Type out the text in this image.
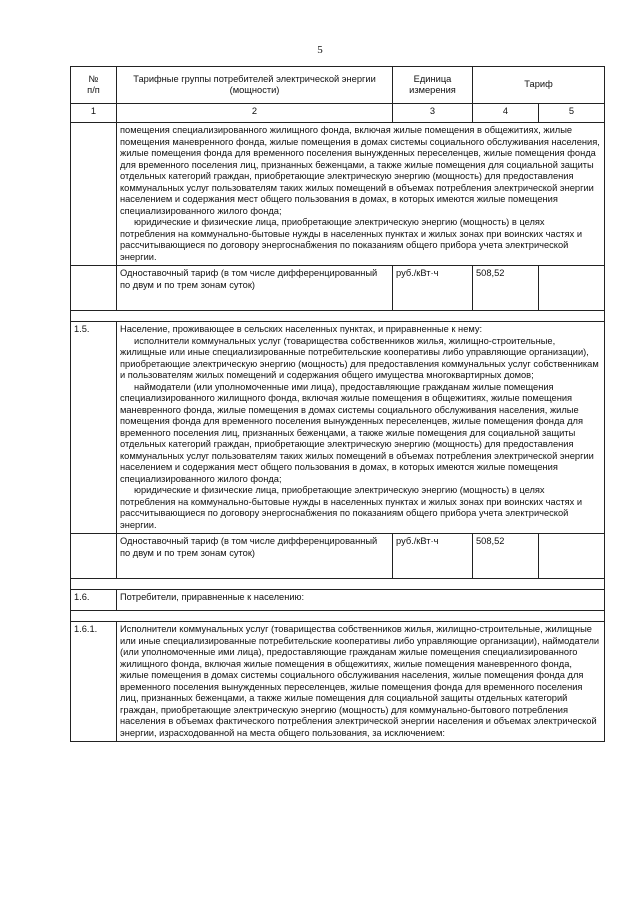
5
№
п/п	Тарифные группы потребителей электрической энергии (мощности)	Единица измерения	Тариф	
1	2	3	4	5

	помещения специализированного жилищного фонда, включая жилые помещения в общежитиях, жилые помещения маневренного фонда, жилые помещения в домах системы социального обслуживания населения, жилые помещения фонда для временного поселения вынужденных переселенцев, жилые помещения фонда для временного поселения лиц, признанных беженцами, а также жилые помещения для социальной защиты отдельных категорий граждан, приобретающие электрическую энергию (мощность) для предоставления коммунальных услуг пользователям таких жилых помещений в объемах потребления электрической энергии населением и содержания мест общего пользования в домах, в которых имеются жилые помещения специализированного жилого фонда;

юридические и физические лица, приобретающие электрическую энергию (мощность) в целях потребления на коммунально-бытовые нужды в населенных пунктах и жилых зонах при воинских частях и рассчитывающиеся по договору энергоснабжения по показаниям общего прибора учета электрической энергии.			

	Одноставочный тариф (в том числе дифференцированный по двум и по трем зонам суток)	руб./кВт·ч	508,52	

1.5.	Население, проживающее в сельских населенных пунктах, и приравненные к нему:

исполнители коммунальных услуг (товарищества собственников жилья, жилищно-строительные, жилищные или иные специализированные потребительские кооперативы либо управляющие организации), приобретающие электрическую энергию (мощность) для предоставления коммунальных услуг собственникам и пользователям жилых помещений и содержания общего имущества многоквартирных домов;

наймодатели (или уполномоченные ими лица), предоставляющие гражданам жилые помещения специализированного жилищного фонда, включая жилые помещения в общежитиях, жилые помещения маневренного фонда, жилые помещения в домах системы социального обслуживания населения, жилые помещения фонда для временного поселения вынужденных переселенцев, жилые помещения фонда для временного поселения лиц, признанных беженцами, а также жилые помещения для социальной защиты отдельных категорий граждан, приобретающие электрическую энергию (мощность) для предоставления коммунальных услуг пользователям таких жилых помещений в объемах потребления электрической энергии населением и содержания мест общего пользования в домах, в которых имеются жилые помещения специализированного жилого фонда;

юридические и физические лица, приобретающие электрическую энергию (мощность) в целях потребления на коммунально-бытовые нужды в населенных пунктах и жилых зонах при воинских частях и рассчитывающиеся по договору энергоснабжения по показаниям общего прибора учета электрической энергии.			

	Одноставочный тариф (в том числе дифференцированный по двум и по трем зонам суток)	руб./кВт·ч	508,52	

1.6.	Потребители, приравненные к населению:			

1.6.1.	Исполнители коммунальных услуг (товарищества собственников жилья, жилищно-строительные, жилищные или иные специализированные потребительские кооперативы либо управляющие организации), наймодатели (или уполномоченные ими лица), предоставляющие гражданам жилые помещения специализированного жилищного фонда, включая жилые помещения в общежитиях, жилые помещения маневренного фонда, жилые помещения в домах системы социального обслуживания населения, жилые помещения фонда для временного поселения вынужденных переселенцев, жилые помещения фонда для временного поселения лиц, признанных беженцами, а также жилые помещения для социальной защиты отдельных категорий граждан, приобретающие электрическую энергию (мощность) для коммунально-бытового потребления населения в объемах фактического потребления электрической энергии населения и объемах электрической энергии, израсходованной на места общего пользования, за исключением:			
